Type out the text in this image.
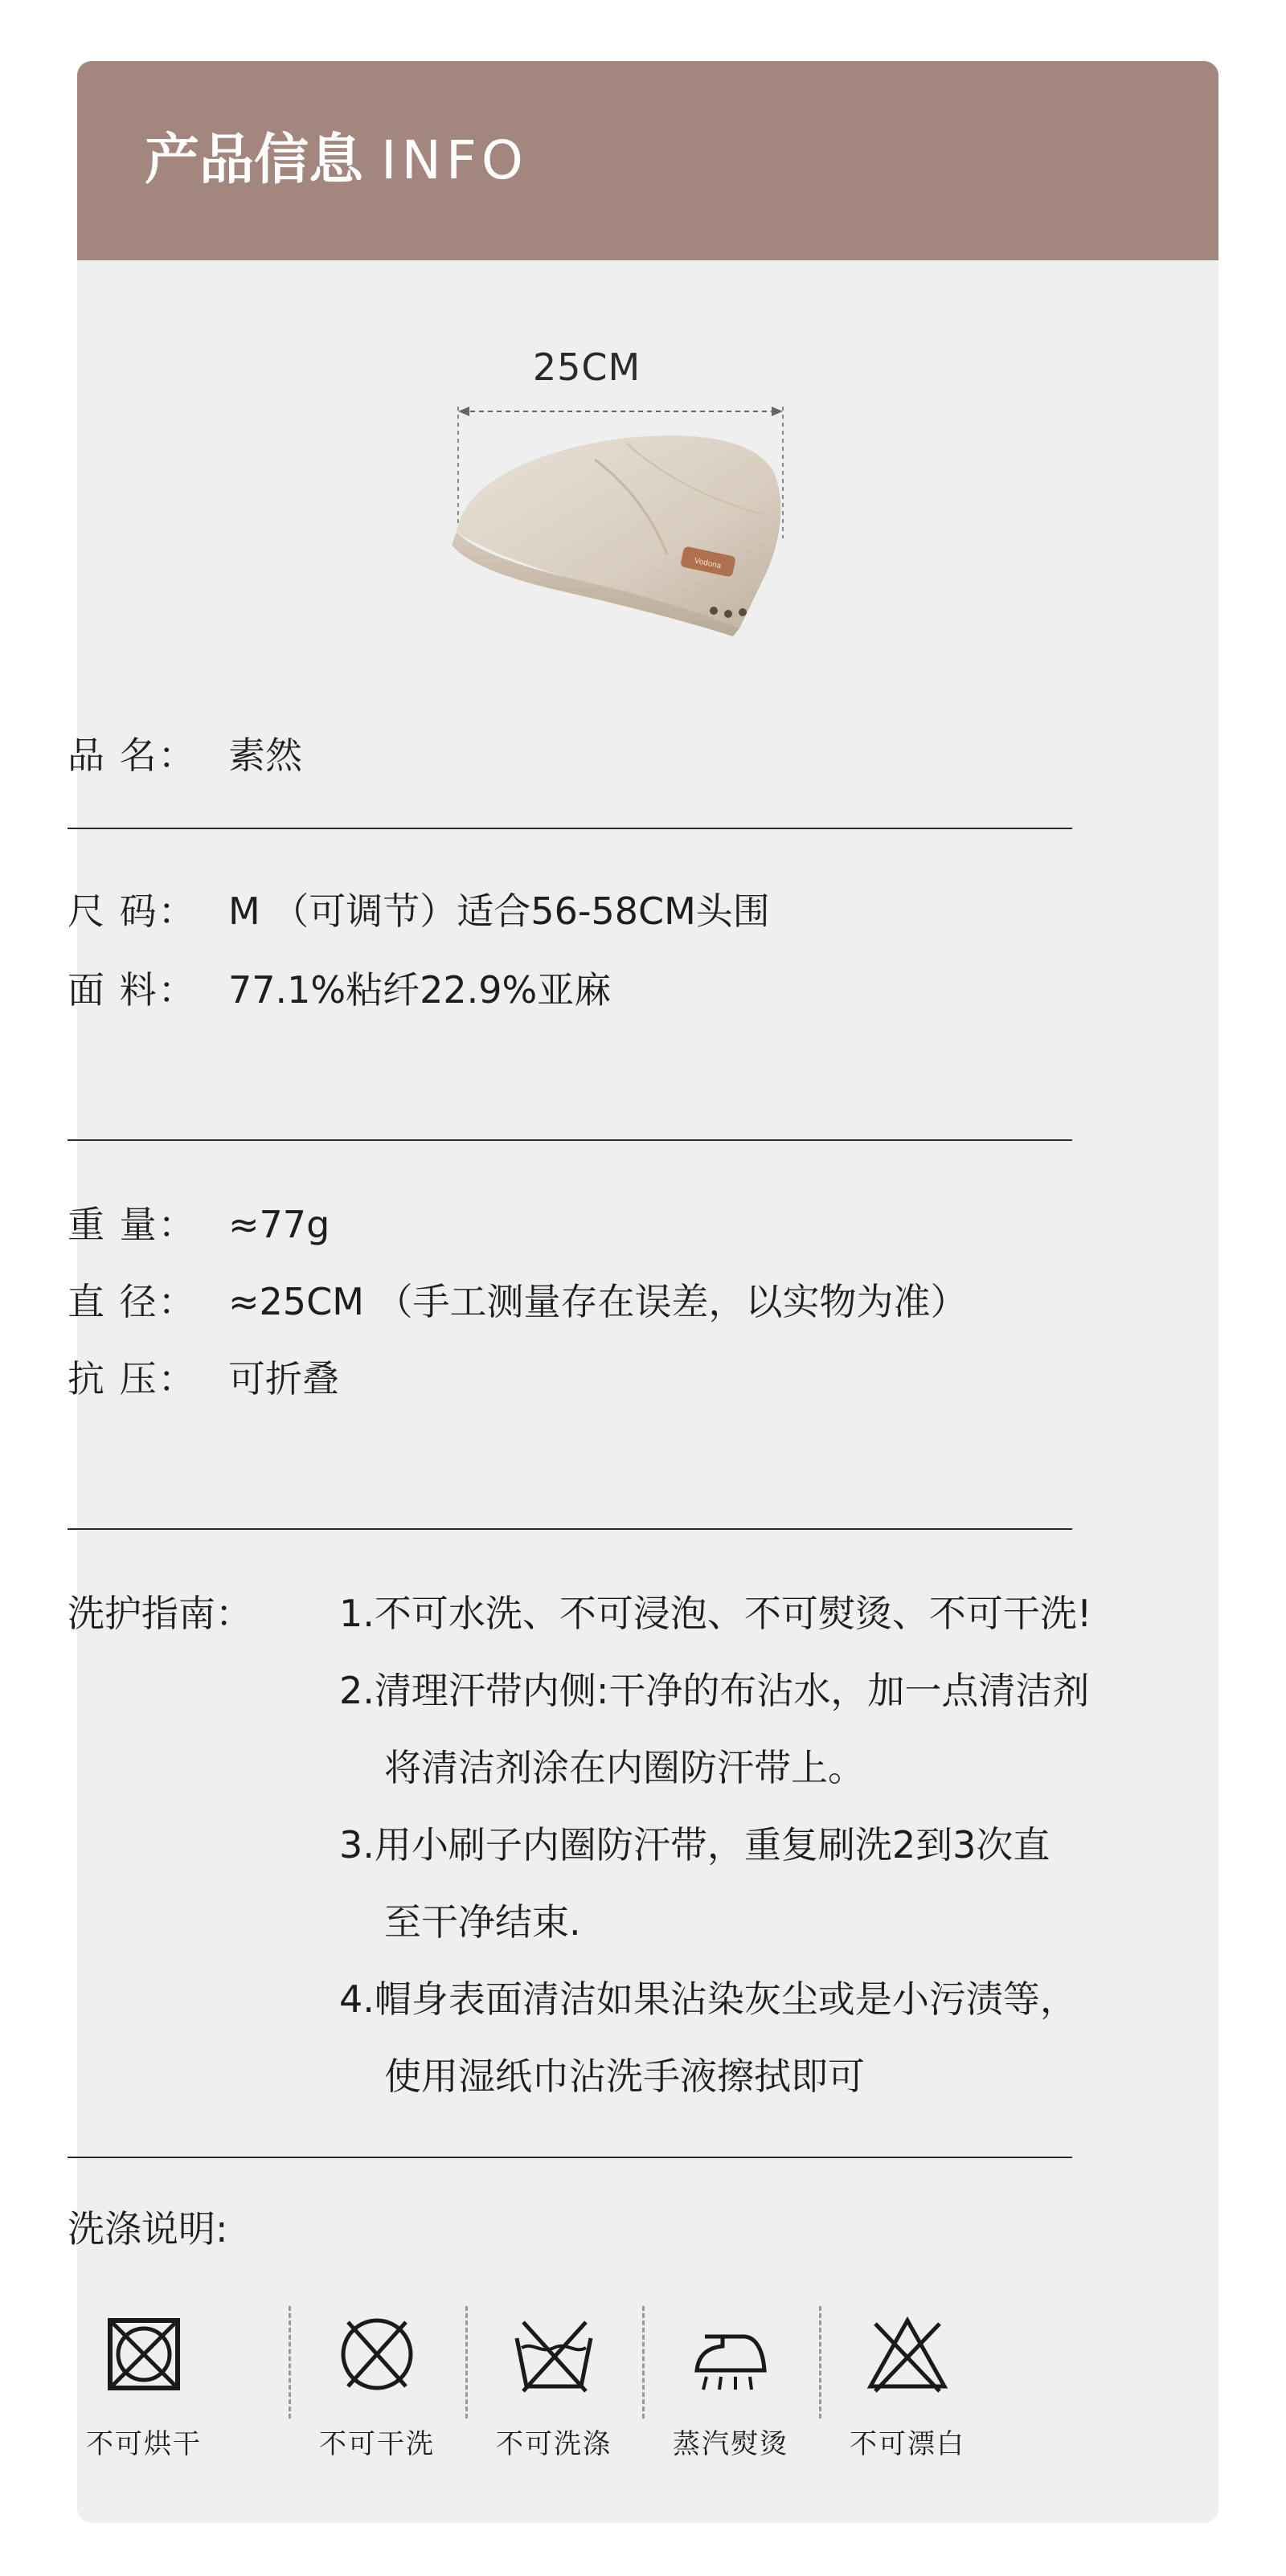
产品信息 INFO
25CM
Vodona
品 名： 素然
尺 码： M （可调节）适合56-58CM头围
面 料： 77.1%粘纤22.9%亚麻
重 量： ≈77g
直 径： ≈25CM （手工测量存在误差，以实物为准）
抗 压： 可折叠
洗护指南： 1.不可水洗、不可浸泡、不可熨烫、不可干洗!
2.清理汗带内侧:干净的布沾水，加一点清洁剂
将清洁剂涂在内圈防汗带上。
3.用小刷子内圈防汗带，重复刷洗2到3次直
至干净结束.
4.帽身表面清洁如果沾染灰尘或是小污渍等，
使用湿纸巾沾洗手液擦拭即可
洗涤说明:
不可烘干	不可干洗	不可洗涤	蒸汽熨烫	不可漂白
